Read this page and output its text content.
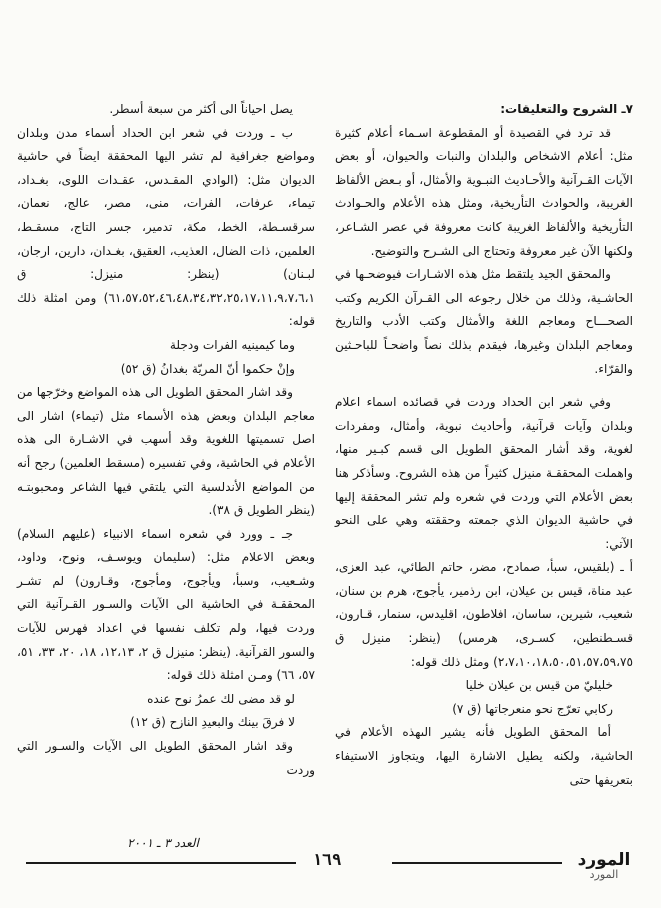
٧ـ الشروح والتعليقات:

قد ترد في القصيدة أو المقطوعة اسـماء أعلام كثيرة مثل: أعلام الاشخاص والبلدان والنبات والحيوان، أو بعض الآيات القـرآنية والأحـاديث النبـوية والأمثال، أو بـعض الألفاظ الغريبة، والحوادث التأريخية، ومثل هذه الأعلام والحـوادث التأريخية والألفاظ الغريبة كانت معروفة في عصر الشـاعر، ولكنها الآن غير معروفة وتحتاج الى الشـرح والتوضيح.

والمحقق الجيد يلتقط مثل هذه الاشـارات فيوضحـها في الحاشـية، وذلك من خلال رجوعه الى القـرآن الكريم وكتب الصحـــاح ومعاجم اللغة والأمثال وكتب الأدب والتاريخ ومعاجم البلدان وغيرها، فيقدم بذلك نصاً واضحـاً للباحـثين والقرّاء.

وفي شعر ابن الحداد وردت في قصائده اسماء اعلام وبلدان وآيات قرآنية، وأحاديث نبوية، وأمثال، ومفردات لغوية، وقد أشار المحقق الطويل الى قسم كبـير منها، واهملت المحققـة منيزل كثيراً من هذه الشروح. وسأذكر هنا بعض الأعلام التي وردت في شعره ولم تشر المحققة إليها في حاشية الديوان الذي جمعته وحققته وهي على النحو الآتي:

أ ـ (بلقيس، سبأ، صمادح، مضر، حاتم الطائي، عبد العزى، عبد مناة، قيس بن عيلان، ابن رذمير، يأجوج، هرم بن سنان، شعيب، شيرين، ساسان، افلاطون، اقليدس، سنمار، قـارون، قسـطنطين، كسـرى، هرمس) (ينظر: منيزل ق ٢،٧،١٠،١٨،٥٠،٥١،٥٧،٥٩،٧٥) ومثل ذلك قوله:

خليليّ من قيس بن عيلان خليا

ركابي تعرّج نحو منعرجاتها (ق ٧)

أما المحقق الطويل فأنه يشير الىهذه الأعلام في الحاشية، ولكنه يطيل الاشارة اليها، ويتجاوز الاستيفاء بتعريفها حتى

يصل احياناً الى أكثر من سبعة أسطر.

ب ـ وردت في شعر ابن الحداد أسماء مدن وبلدان ومواضع جغرافية لم تشر اليها المحققة ايضاً في حاشية الديوان مثل: (الوادي المقـدس، عقـدات اللوى، بغـداد، تيماء، عرفات، الفرات، منى، مصر، عالج، نعمان، سرقسـطة، الخط، مكة، تدمير، جسر التاج، مسقـط، العلمين، ذات الضال، العذيب، العقيق، بغـدان، دارين، ارجان، لبـنان) (ينظر: منيزل: ق ٦١،٥٧،٥٢،٤٦،٤٨،٣٤،٣٢،٢٥،١٧،١١،٩،٧،٦،١) ومن امثلة ذلك قوله:

وما كيمينيه الفرات ودجلة

وإنْ حكموا أنّ المريّة بغدانُ (ق ٥٢)

وقد اشار المحقق الطويل الى هذه المواضع وخرّجها من معاجم البلدان وبعض هذه الأسماء مثل (تيماء) اشار الى اصل تسميتها اللغوية وقد أسهب في الاشـارة الى هذه الأعلام في الحاشية، وفي تفسيره (مسقط العلمين) رجح أنه من المواضع الأندلسية التي يلتقي فيها الشاعر ومحبوبتـه (ينظر الطويل ق ٣٨).

جـ ـ وورد في شعره اسماء الانبياء (عليهم السلام) وبعض الاعلام مثل: (سليمان ويوسـف، ونوح، وداود، وشـعيب، وسبأ، ويأجوج، ومأجوج، وقـارون) لم تشـر المحققـة في الحاشية الى الآيات والسـور القـرآنية التي وردت فيها، ولم تكلف نفسها في اعداد فهرس للآيات والسور القرآنية. (ينظر: منيزل ق ٢، ١٢،١٣، ١٨، ٢٠، ٣٣، ٥١، ٥٧، ٦٦) ومـن امثلة ذلك قوله:

لو قد مضى لك عمرُ نوح عنده

لا فرقَ بينك والبعيدِ النازح (ق ١٢)

وقد اشار المحقق الطويل الى الآيات والسـور التي وردت

العدد ٣ ـ ٢٠٠١
١٦٩	المورد
المورد
